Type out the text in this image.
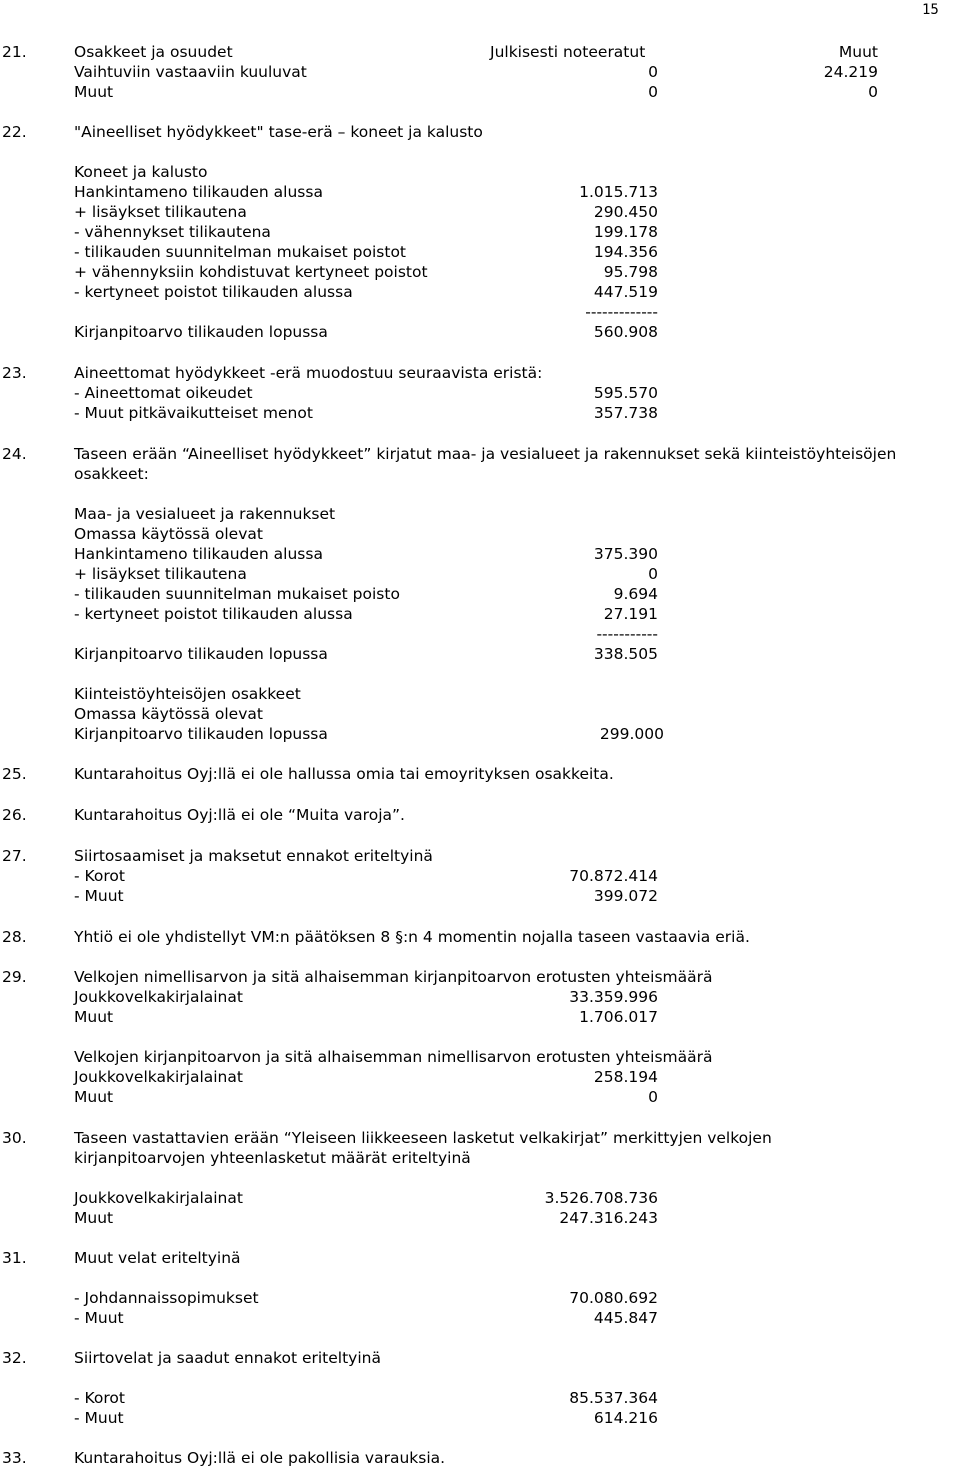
15
21.	Osakkeet ja osuudet	Julkisesti noteeratut	Muut
Vaihtuviin vastaaviin kuuluvat	0	24.219
Muut	0	0
22.	"Aineelliset hyödykkeet" tase-erä – koneet ja kalusto
Koneet ja kalusto
Hankintameno tilikauden alussa	1.015.713
+ lisäykset tilikautena	290.450
- vähennykset tilikautena	199.178
- tilikauden suunnitelman mukaiset poistot	194.356
+ vähennyksiin kohdistuvat kertyneet poistot	95.798
- kertyneet poistot tilikauden alussa	447.519
-------------
Kirjanpitoarvo tilikauden lopussa	560.908
23.	Aineettomat hyödykkeet -erä muodostuu seuraavista eristä:
- Aineettomat oikeudet	595.570
- Muut pitkävaikutteiset menot	357.738
24.	Taseen erään “Aineelliset hyödykkeet” kirjatut maa- ja vesialueet ja rakennukset sekä kiinteistöyhteisöjen
osakkeet:
Maa- ja vesialueet ja rakennukset
Omassa käytössä olevat
Hankintameno tilikauden alussa	375.390
+ lisäykset tilikautena	0
- tilikauden suunnitelman mukaiset poisto	9.694
- kertyneet poistot tilikauden alussa	27.191
-----------
Kirjanpitoarvo tilikauden lopussa	338.505
Kiinteistöyhteisöjen osakkeet
Omassa käytössä olevat
Kirjanpitoarvo tilikauden lopussa	299.000
25.	Kuntarahoitus Oyj:llä ei ole hallussa omia tai emoyrityksen osakkeita.
26.	Kuntarahoitus Oyj:llä ei ole “Muita varoja”.
27.	Siirtosaamiset ja maksetut ennakot eriteltyinä
- Korot	70.872.414
- Muut	399.072
28.	Yhtiö ei ole yhdistellyt VM:n päätöksen 8 §:n 4 momentin nojalla taseen vastaavia eriä.
29.	Velkojen nimellisarvon ja sitä alhaisemman kirjanpitoarvon erotusten yhteismäärä
Joukkovelkakirjalainat	33.359.996
Muut	1.706.017
Velkojen kirjanpitoarvon ja sitä alhaisemman nimellisarvon erotusten yhteismäärä
Joukkovelkakirjalainat	258.194
Muut	0
30.	Taseen vastattavien erään “Yleiseen liikkeeseen lasketut velkakirjat” merkittyjen velkojen
kirjanpitoarvojen yhteenlasketut määrät eriteltyinä
Joukkovelkakirjalainat	3.526.708.736
Muut	247.316.243
31.	Muut velat eriteltyinä
- Johdannaissopimukset	70.080.692
- Muut	445.847
32.	Siirtovelat ja saadut ennakot eriteltyinä
- Korot	85.537.364
- Muut	614.216
33.	Kuntarahoitus Oyj:llä ei ole pakollisia varauksia.
